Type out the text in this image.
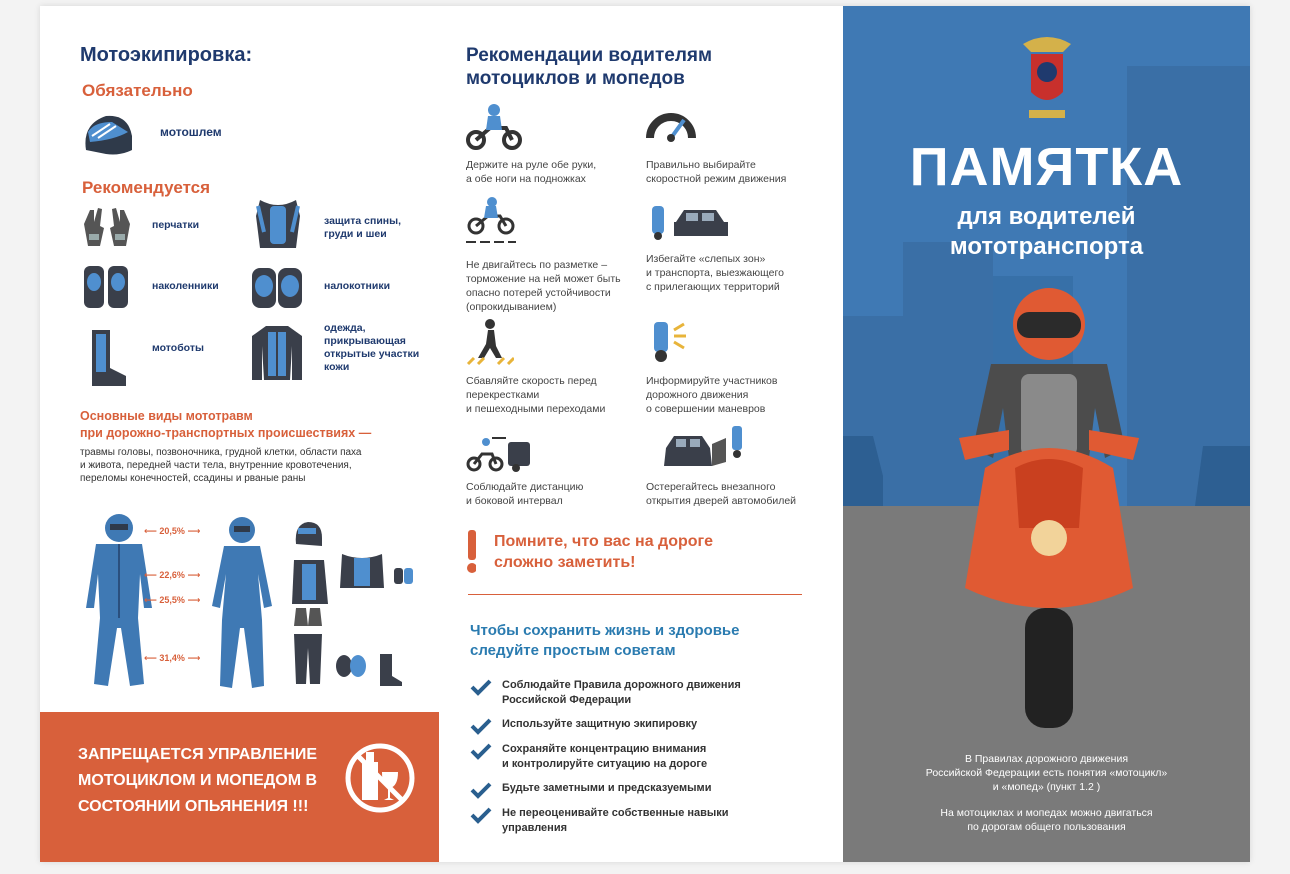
Мотоэкипировка:
Обязательно
мотошлем
Рекомендуется
перчатки	защита спины,
груди и шеи
наколенники	налокотники
мотоботы
одежда,
прикрывающая
открытые участки
кожи
Основные виды мототравм
при дорожно-транспортных происшествиях —
травмы головы, позвоночника, грудной клетки, области паха
и живота, передней части тела, внутренние кровотечения,
переломы конечностей, ссадины и рваные раны
⟵ 20,5% ⟶
⟵ 22,6% ⟶
⟵ 25,5% ⟶
⟵ 31,4% ⟶
ЗАПРЕЩАЕТСЯ УПРАВЛЕНИЕ МОТОЦИКЛОМ И МОПЕДОМ В СОСТОЯНИИ ОПЬЯНЕНИЯ !!!
Рекомендации водителям
мотоциклов и мопедов
Держите на руле обе руки,
а обе ноги на подножках
Правильно выбирайте
скоростной режим движения
Не двигайтесь по разметке –
торможение на ней может быть
опасно потерей устойчивости
(опрокидыванием)
Избегайте «слепых зон»
и транспорта, выезжающего
с прилегающих территорий
Сбавляйте скорость перед
перекрестками
и пешеходными переходами
Информируйте участников
дорожного движения
о совершении маневров
Соблюдайте дистанцию
и боковой интервал
Остерегайтесь внезапного
открытия дверей автомобилей
Помните, что вас на дороге
сложно заметить!
Чтобы сохранить жизнь и здоровье
следуйте простым советам
Соблюдайте Правила дорожного движения
Российской Федерации
Используйте защитную экипировку
Сохраняйте концентрацию внимания
и контролируйте ситуацию на дороге
Будьте заметными и предсказуемыми
Не переоценивайте собственные навыки
управления
ПАМЯТКА
для водителей
мототранспорта
В Правилах дорожного движения
Российской Федерации есть понятия «мотоцикл»
и «мопед» (пункт 1.2 )
На мотоциклах и мопедах можно двигаться
по дорогам общего пользования
